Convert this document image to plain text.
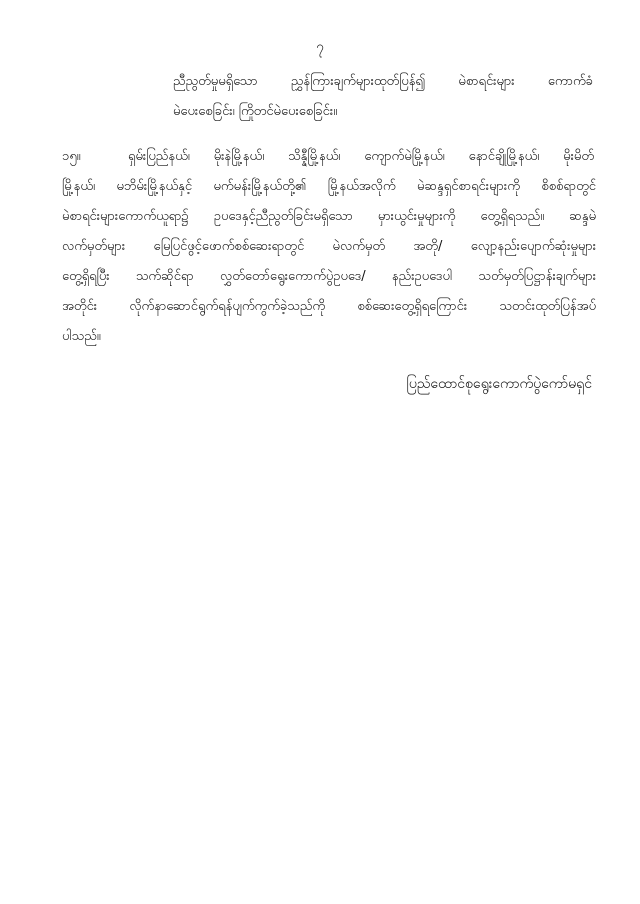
၇
ညီညွတ်မှုမရှိသော ညွှန်ကြားချက်များထုတ်ပြန်၍ မဲစာရင်းများ ကောက်ခံ
မဲပေးစေခြင်း၊ ကြိုတင်မဲပေးစေခြင်း။
၁၅။	ရှမ်းပြည်နယ်၊ မိုးနဲမြို့နယ်၊ သိန္နီမြို့နယ်၊ ကျောက်မဲမြို့နယ်၊ နောင်ချိုမြို့နယ်၊ မိုးမိတ်
မြို့နယ်၊ မဘိမ်းမြို့နယ်နှင့် မက်မန်းမြို့နယ်တို့၏ မြို့နယ်အလိုက် မဲဆန္ဒရှင်စာရင်းများကို စိစစ်ရာတွင်
မဲစာရင်းများကောက်ယူရာ၌ ဥပဒေနှင့်ညီညွတ်ခြင်းမရှိသော မှားယွင်းမှုများကို တွေ့ရှိရသည်။ ဆန္ဒမဲ
လက်မှတ်များ မြေပြင်ဖွင့်ဖောက်စစ်ဆေးရာတွင် မဲလက်မှတ် အတို/ လျော့နည်းပျောက်ဆုံးမှုများ
တွေ့ရှိရပြီး သက်ဆိုင်ရာ လွှတ်တော်ရွေးကောက်ပွဲဥပဒေ/ နည်းဥပဒေပါ သတ်မှတ်ပြဋ္ဌာန်းချက်များ
အတိုင်း လိုက်နာဆောင်ရွက်ရန်ပျက်ကွက်ခဲ့သည်ကို စစ်ဆေးတွေ့ရှိရကြောင်း သတင်းထုတ်ပြန်အပ်
ပါသည်။
ပြည်ထောင်စုရွေးကောက်ပွဲကော်မရှင်
